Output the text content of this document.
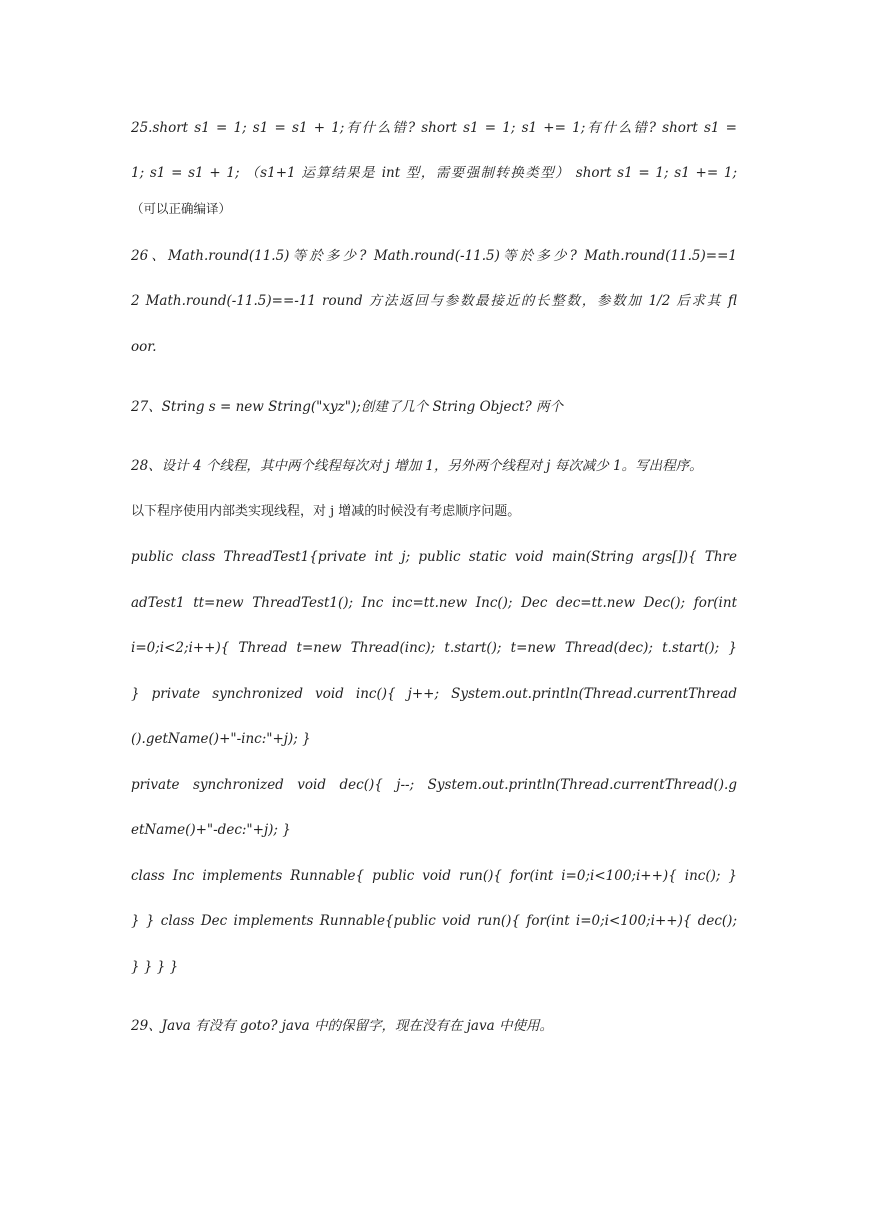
25.short s1 = 1; s1 = s1 + 1;有什么错? short s1 = 1; s1 += 1;有什么错? short s1 =
1; s1 = s1 + 1; （s1+1 运算结果是 int 型，需要强制转换类型） short s1 = 1; s1 += 1;
（可以正确编译）
26、Math.round(11.5)等於多少? Math.round(-11.5)等於多少? Math.round(11.5)==1
2 Math.round(-11.5)==-11 round 方法返回与参数最接近的长整数，参数加 1/2 后求其 fl
oor.
27、String s = new String("xyz");创建了几个 String Object? 两个
28、设计 4 个线程，其中两个线程每次对 j 增加 1，另外两个线程对 j 每次减少 1。写出程序。
以下程序使用内部类实现线程，对 j 增减的时候没有考虑顺序问题。
public class ThreadTest1{private int j; public static void main(String args[]){ Thre
adTest1 tt=new ThreadTest1(); Inc inc=tt.new Inc(); Dec dec=tt.new Dec(); for(int
i=0;i<2;i++){ Thread t=new Thread(inc); t.start(); t=new Thread(dec); t.start(); }
} private synchronized void inc(){ j++; System.out.println(Thread.currentThread
().getName()+"-inc:"+j); }
private synchronized void dec(){ j--; System.out.println(Thread.currentThread().g
etName()+"-dec:"+j); }
class Inc implements Runnable{ public void run(){ for(int i=0;i<100;i++){ inc(); }
} } class Dec implements Runnable{public void run(){ for(int i=0;i<100;i++){ dec();
} } } }
29、Java 有没有 goto? java 中的保留字，现在没有在 java 中使用。
